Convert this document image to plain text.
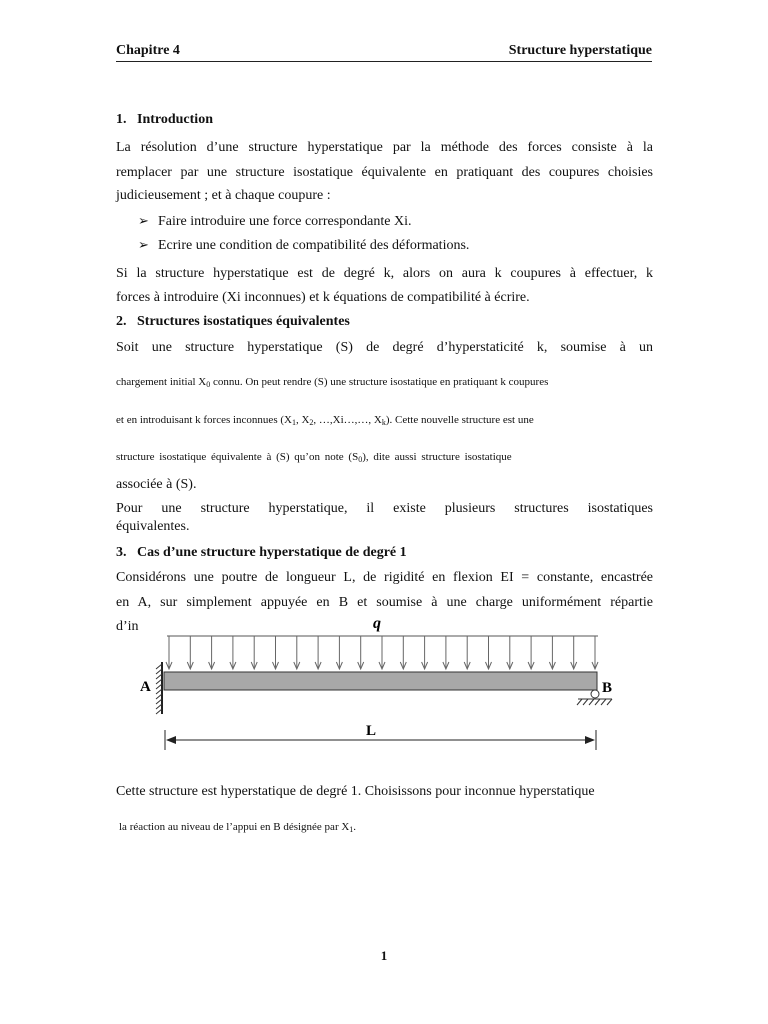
Chapitre 4	Structure hyperstatique
1.   Introduction
La résolution d’une structure hyperstatique par la méthode des forces consiste à la
remplacer par une structure isostatique équivalente en pratiquant des coupures choisies
judicieusement ; et à chaque coupure :
➢ Faire introduire une force correspondante Xi.
➢ Ecrire une condition de compatibilité des déformations.
Si la structure hyperstatique est de degré k, alors on aura k coupures à effectuer, k
forces à introduire (Xi inconnues) et k équations de compatibilité à écrire.
2.   Structures isostatiques équivalentes
Soit une structure hyperstatique (S) de degré d’hyperstaticité k, soumise à un
chargement initial $X_0$ connu. On peut rendre (S) une structure isostatique en pratiquant k coupures
et en introduisant k forces inconnues ($X_1$, $X_2$, …,Xi…,…, $X_k$). Cette nouvelle structure est une
structure isostatique équivalente à (S) qu’on note $(S_0)$, dite aussi structure isostatique
associée à (S).
Pour une structure hyperstatique, il existe plusieurs structures isostatiques
équivalentes.
3.   Cas d’une structure hyperstatique de degré 1
Considérons une poutre de longueur L, de rigidité en flexion EI = constante, encastrée
en A, sur simplement appuyée en B et soumise à une charge uniformément répartie
d’in	q
A	B
L
Cette structure est hyperstatique de degré 1. Choisissons pour inconnue hyperstatique
la réaction au niveau de l’appui en B désignée par $X_1$.
1
